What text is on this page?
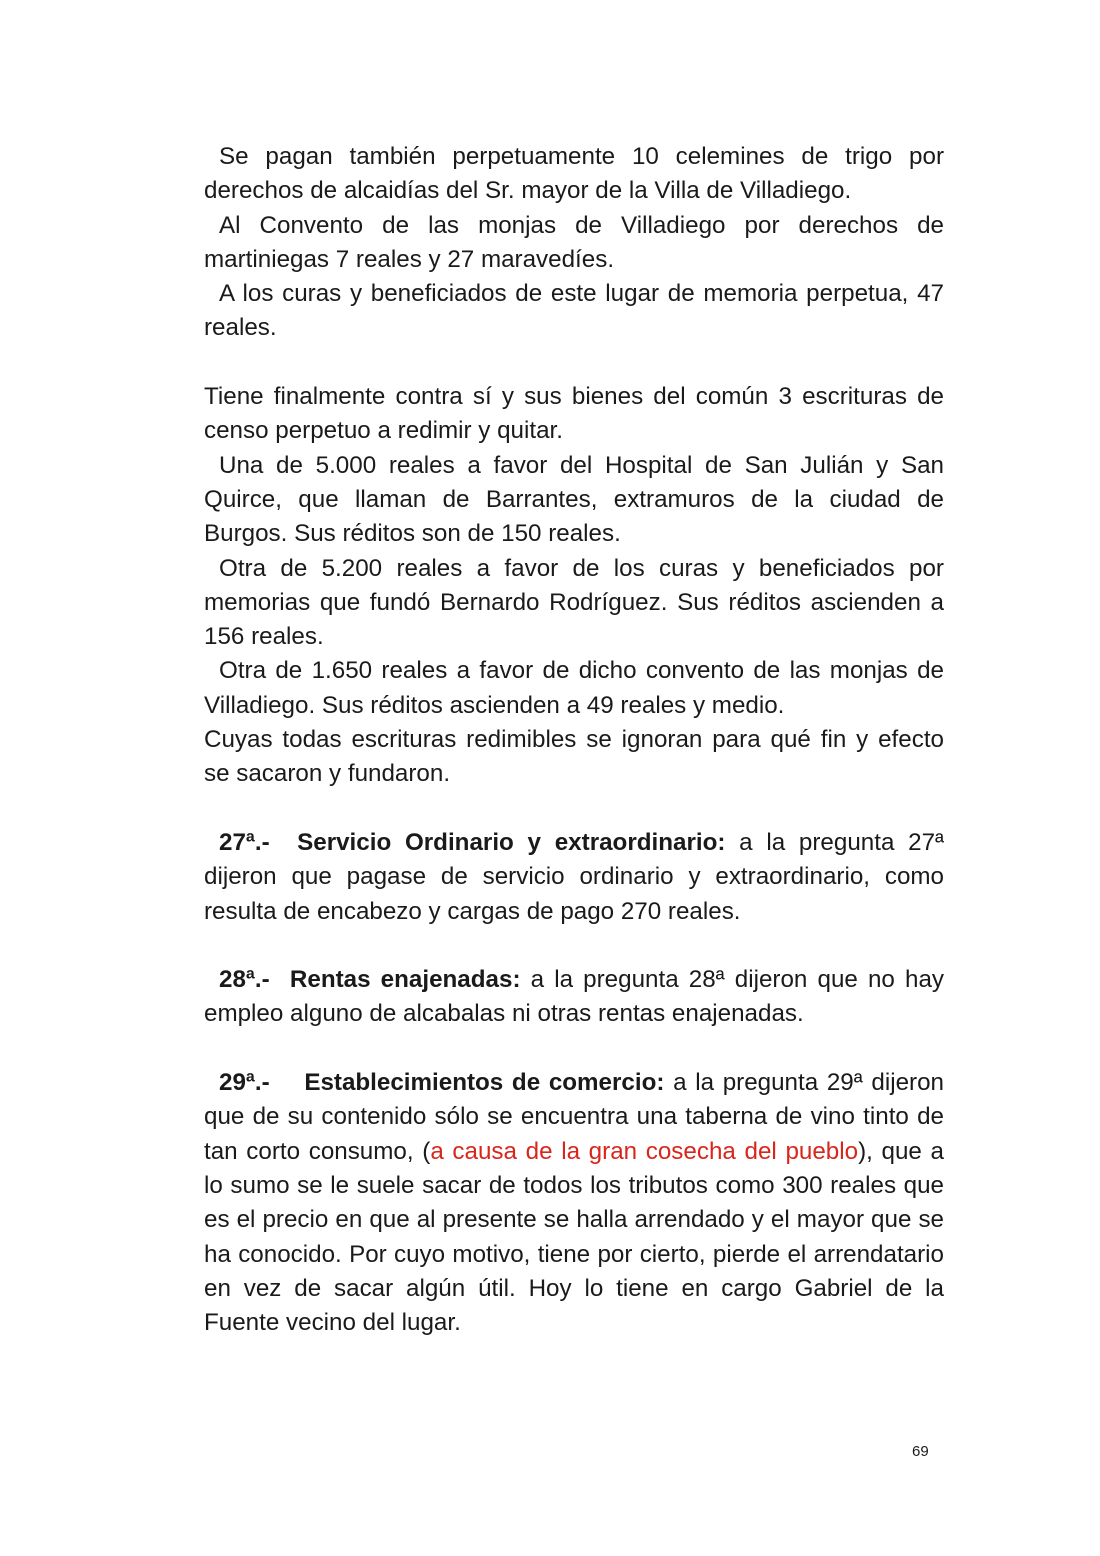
Se pagan también perpetuamente 10 celemines de trigo por derechos de alcaidías del Sr. mayor de la Villa de Villadiego.

Al Convento de las monjas de Villadiego por derechos de martiniegas 7 reales y 27 maravedíes.

A los curas y beneficiados de este lugar de memoria perpetua, 47 reales.

Tiene finalmente contra sí y sus bienes del común 3 escrituras de censo perpetuo a redimir y quitar.

Una de 5.000 reales a favor del Hospital de San Julián y San Quirce, que llaman de Barrantes, extramuros de la ciudad de Burgos. Sus réditos son de 150 reales.

Otra de 5.200 reales a favor de los curas y beneficiados por memorias que fundó Bernardo Rodríguez. Sus réditos ascienden a 156 reales.

Otra de 1.650 reales a favor de dicho convento de las monjas de Villadiego. Sus réditos ascienden a 49 reales y medio.

Cuyas todas escrituras redimibles se ignoran para qué fin y efecto se sacaron y fundaron.

27ª.- Servicio Ordinario y extraordinario: a la pregunta 27ª dijeron que pagase de servicio ordinario y extraordinario, como resulta de encabezo y cargas de pago 270 reales.

28ª.- Rentas enajenadas: a la pregunta 28ª dijeron que no hay empleo alguno de alcabalas ni otras rentas enajenadas.

29ª.- Establecimientos de comercio: a la pregunta 29ª dijeron que de su contenido sólo se encuentra una taberna de vino tinto de tan corto consumo, (a causa de la gran cosecha del pueblo), que a lo sumo se le suele sacar de todos los tributos como 300 reales que es el precio en que al presente se halla arrendado y el mayor que se ha conocido. Por cuyo motivo, tiene por cierto, pierde el arrendatario en vez de sacar algún útil. Hoy lo tiene en cargo Gabriel de la Fuente vecino del lugar.

69
